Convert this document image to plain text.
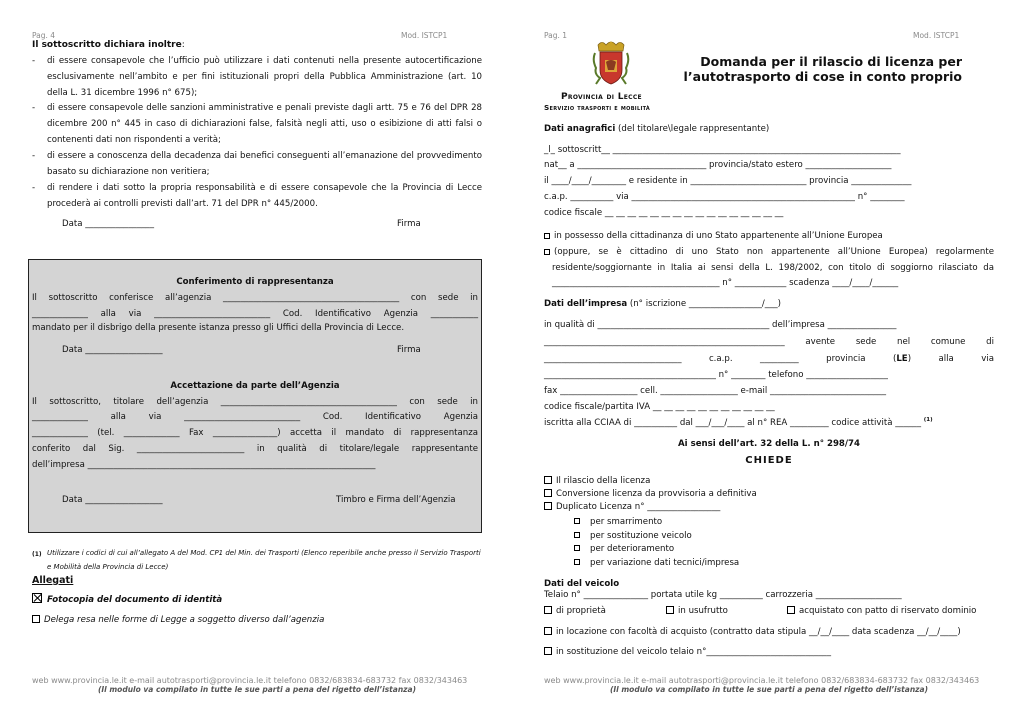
Pag. 4	Mod. ISTCP1
Il sottoscritto dichiara inoltre:
- di essere consapevole che l’ufficio può utilizzare i dati contenuti nella presente autocertificazione
esclusivamente nell’ambito e per fini istituzionali propri della Pubblica Amministrazione (art. 10
della L. 31 dicembre 1996 n° 675);
- di essere consapevole delle sanzioni amministrative e penali previste dagli artt. 75 e 76 del DPR 28
dicembre 200 n° 445 in caso di dichiarazioni false, falsità negli atti, uso o esibizione di atti falsi o
contenenti dati non rispondenti a verità;
- di essere a conoscenza della decadenza dai benefici conseguenti all’emanazione del provvedimento
basato su dichiarazione non veritiera;
- di rendere i dati sotto la propria responsabilità e di essere consapevole che la Provincia di Lecce
procederà ai controlli previsti dall’art. 71 del DPR n° 445/2000.
Data ________________	Firma
Conferimento di rappresentanza
Il sottoscritto conferisce all’agenzia _________________________________________ con sede in
_____________ alla via ___________________________ Cod. Identificativo Agenzia ___________
mandato per il disbrigo della presente istanza presso gli Uffici della Provincia di Lecce.
Data __________________	Firma
Accettazione da parte dell’Agenzia
Il sottoscritto, titolare dell’agenzia _________________________________________ con sede in
_____________ alla via ___________________________ Cod. Identificativo Agenzia
_____________ (tel. _____________ Fax _______________) accetta il mandato di rappresentanza
conferito dal Sig. _________________________ in qualità di titolare/legale rappresentante
dell’impresa ___________________________________________________________________
Data __________________	Timbro e Firma dell’Agenzia
(1) Utilizzare i codici di cui all’allegato A del Mod. CP1 del Min. dei Trasporti (Elenco reperibile anche presso il Servizio Trasporti
e Mobilità della Provincia di Lecce)
Allegati
Fotocopia del documento di identità
Delega resa nelle forme di Legge a soggetto diverso dall’agenzia
web www.provincia.le.it e-mail autotrasporti@provincia.le.it telefono 0832/683834-683732 fax 0832/343463
(Il modulo va compilato in tutte le sue parti a pena del rigetto dell’istanza)
Pag. 1	Mod. ISTCP1
Domanda per il rilascio di licenza per
l’autotrasporto di cose in conto proprio
Provincia di Lecce
Servizio trasporti e mobilità
Dati anagrafici (del titolare\legale rappresentante)
_l_ sottoscritt__ ___________________________________________________________________
nat__ a ______________________________ provincia/stato estero ____________________
il ____/____/________ e residente in ___________________________ provincia ______________
c.a.p. __________ via ____________________________________________________ n° ________
codice fiscale __ __ __ __ __ __ __ __ __ __ __ __ __ __ __ __
in possesso della cittadinanza di uno Stato appartenente all’Unione Europea
(oppure, se è cittadino di uno Stato non appartenente all’Unione Europea) regolarmente
residente/soggiornante in Italia ai sensi della L. 198/2002, con titolo di soggiorno rilasciato da
_______________________________________ n° ____________ scadenza ____/____/______
Dati dell’impresa (n° iscrizione _________________/___)
in qualità di ________________________________________ dell’impresa ________________
________________________________________________________ avente sede nel comune di
________________________________ c.a.p. _________ provincia (LE) alla via
________________________________________ n° ________ telefono ___________________
fax __________________ cell. __________________ e-mail ___________________________
codice fiscale/partita IVA __ __ __ __ __ __ __ __ __ __ __
iscritta alla CCIAA di __________ dal ___/___/____ al n° REA _________ codice attività ______ $^{(1)}$
Ai sensi dell’art. 32 della L. n° 298/74
CHIEDE
Il rilascio della licenza
Conversione licenza da provvisoria a definitiva
Duplicato Licenza n° _________________
per smarrimento
per sostituzione veicolo
per deterioramento
per variazione dati tecnici/impresa
Dati del veicolo
Telaio n° _______________ portata utile kg __________ carrozzeria ____________________
di proprietà	in usufrutto	acquistato con patto di riservato dominio
in locazione con facoltà di acquisto (contratto data stipula __/__/____ data scadenza __/__/____)
in sostituzione del veicolo telaio n°_____________________________
web www.provincia.le.it e-mail autotrasporti@provincia.le.it telefono 0832/683834-683732 fax 0832/343463
(Il modulo va compilato in tutte le sue parti a pena del rigetto dell’istanza)
